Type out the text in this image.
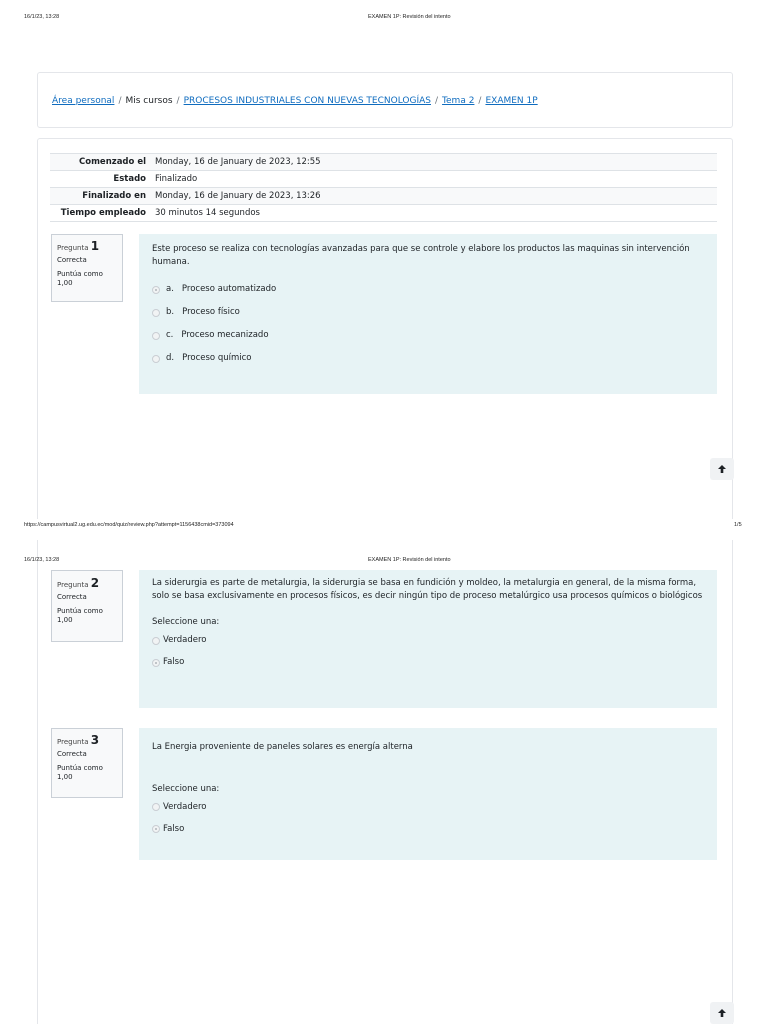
16/1/23, 13:28	EXAMEN 1P: Revisión del intento
Área personal / Mis cursos / PROCESOS INDUSTRIALES CON NUEVAS TECNOLOGÍAS / Tema 2 / EXAMEN 1P
Comenzado el	Monday, 16 de January de 2023, 12:55
Estado	Finalizado
Finalizado en	Monday, 16 de January de 2023, 13:26
Tiempo empleado	30 minutos 14 segundos
Pregunta 1
Correcta
Puntúa como
1,00

Este proceso se realiza con tecnologías avanzadas para que se controle y elabore los productos las maquinas sin intervención humana.

a. Proceso automatizado
b. Proceso físico
c. Proceso mecanizado
d. Proceso químico
https://campusvirtual2.ug.edu.ec/mod/quiz/review.php?attempt=1156438cmid=373094	1/5
16/1/23, 13:28	EXAMEN 1P: Revisión del intento
Pregunta 2
Correcta
Puntúa como
1,00

La siderurgia es parte de metalurgia, la siderurgia se basa en fundición y moldeo, la metalurgia en general, de la misma forma, solo se basa exclusivamente en procesos físicos, es decir ningún tipo de proceso metalúrgico usa procesos químicos o biológicos

Seleccione una:
Verdadero
Falso
Pregunta 3
Correcta
Puntúa como
1,00

La Energia proveniente de paneles solares es energía alterna

Seleccione una:
Verdadero
Falso
